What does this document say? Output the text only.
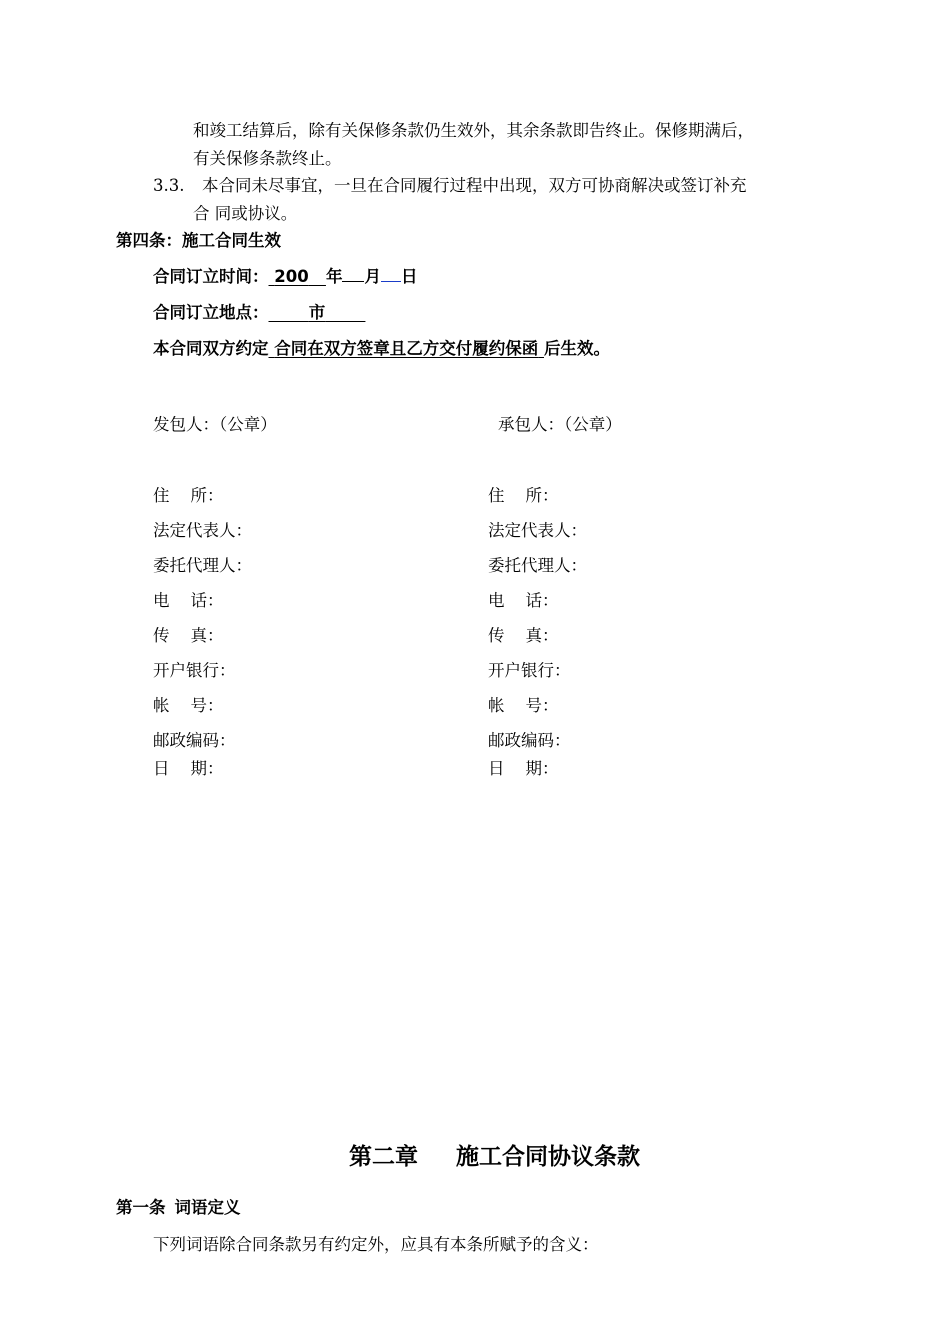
和竣工结算后，除有关保修条款仍生效外，其余条款即告终止。保修期满后，
有关保修条款终止。
3.3. 本合同未尽事宜，一旦在合同履行过程中出现，双方可协商解决或签订补充
合 同或协议。
第四条：施工合同生效
合同订立时间： 200 年 月 日
合同订立地点： 市
本合同双方约定 合同在双方签章且乙方交付履约保函 后生效。
发包人：（公章）	承包人：（公章）
住    所：	住    所：
法定代表人：	法定代表人：
委托代理人：	委托代理人：
电    话：	电    话：
传    真：	传    真：
开户银行：	开户银行：
帐    号：	帐    号：
邮政编码：	邮政编码：
日    期：	日    期：
第二章 施工合同协议条款
第一条 词语定义
下列词语除合同条款另有约定外，应具有本条所赋予的含义：
